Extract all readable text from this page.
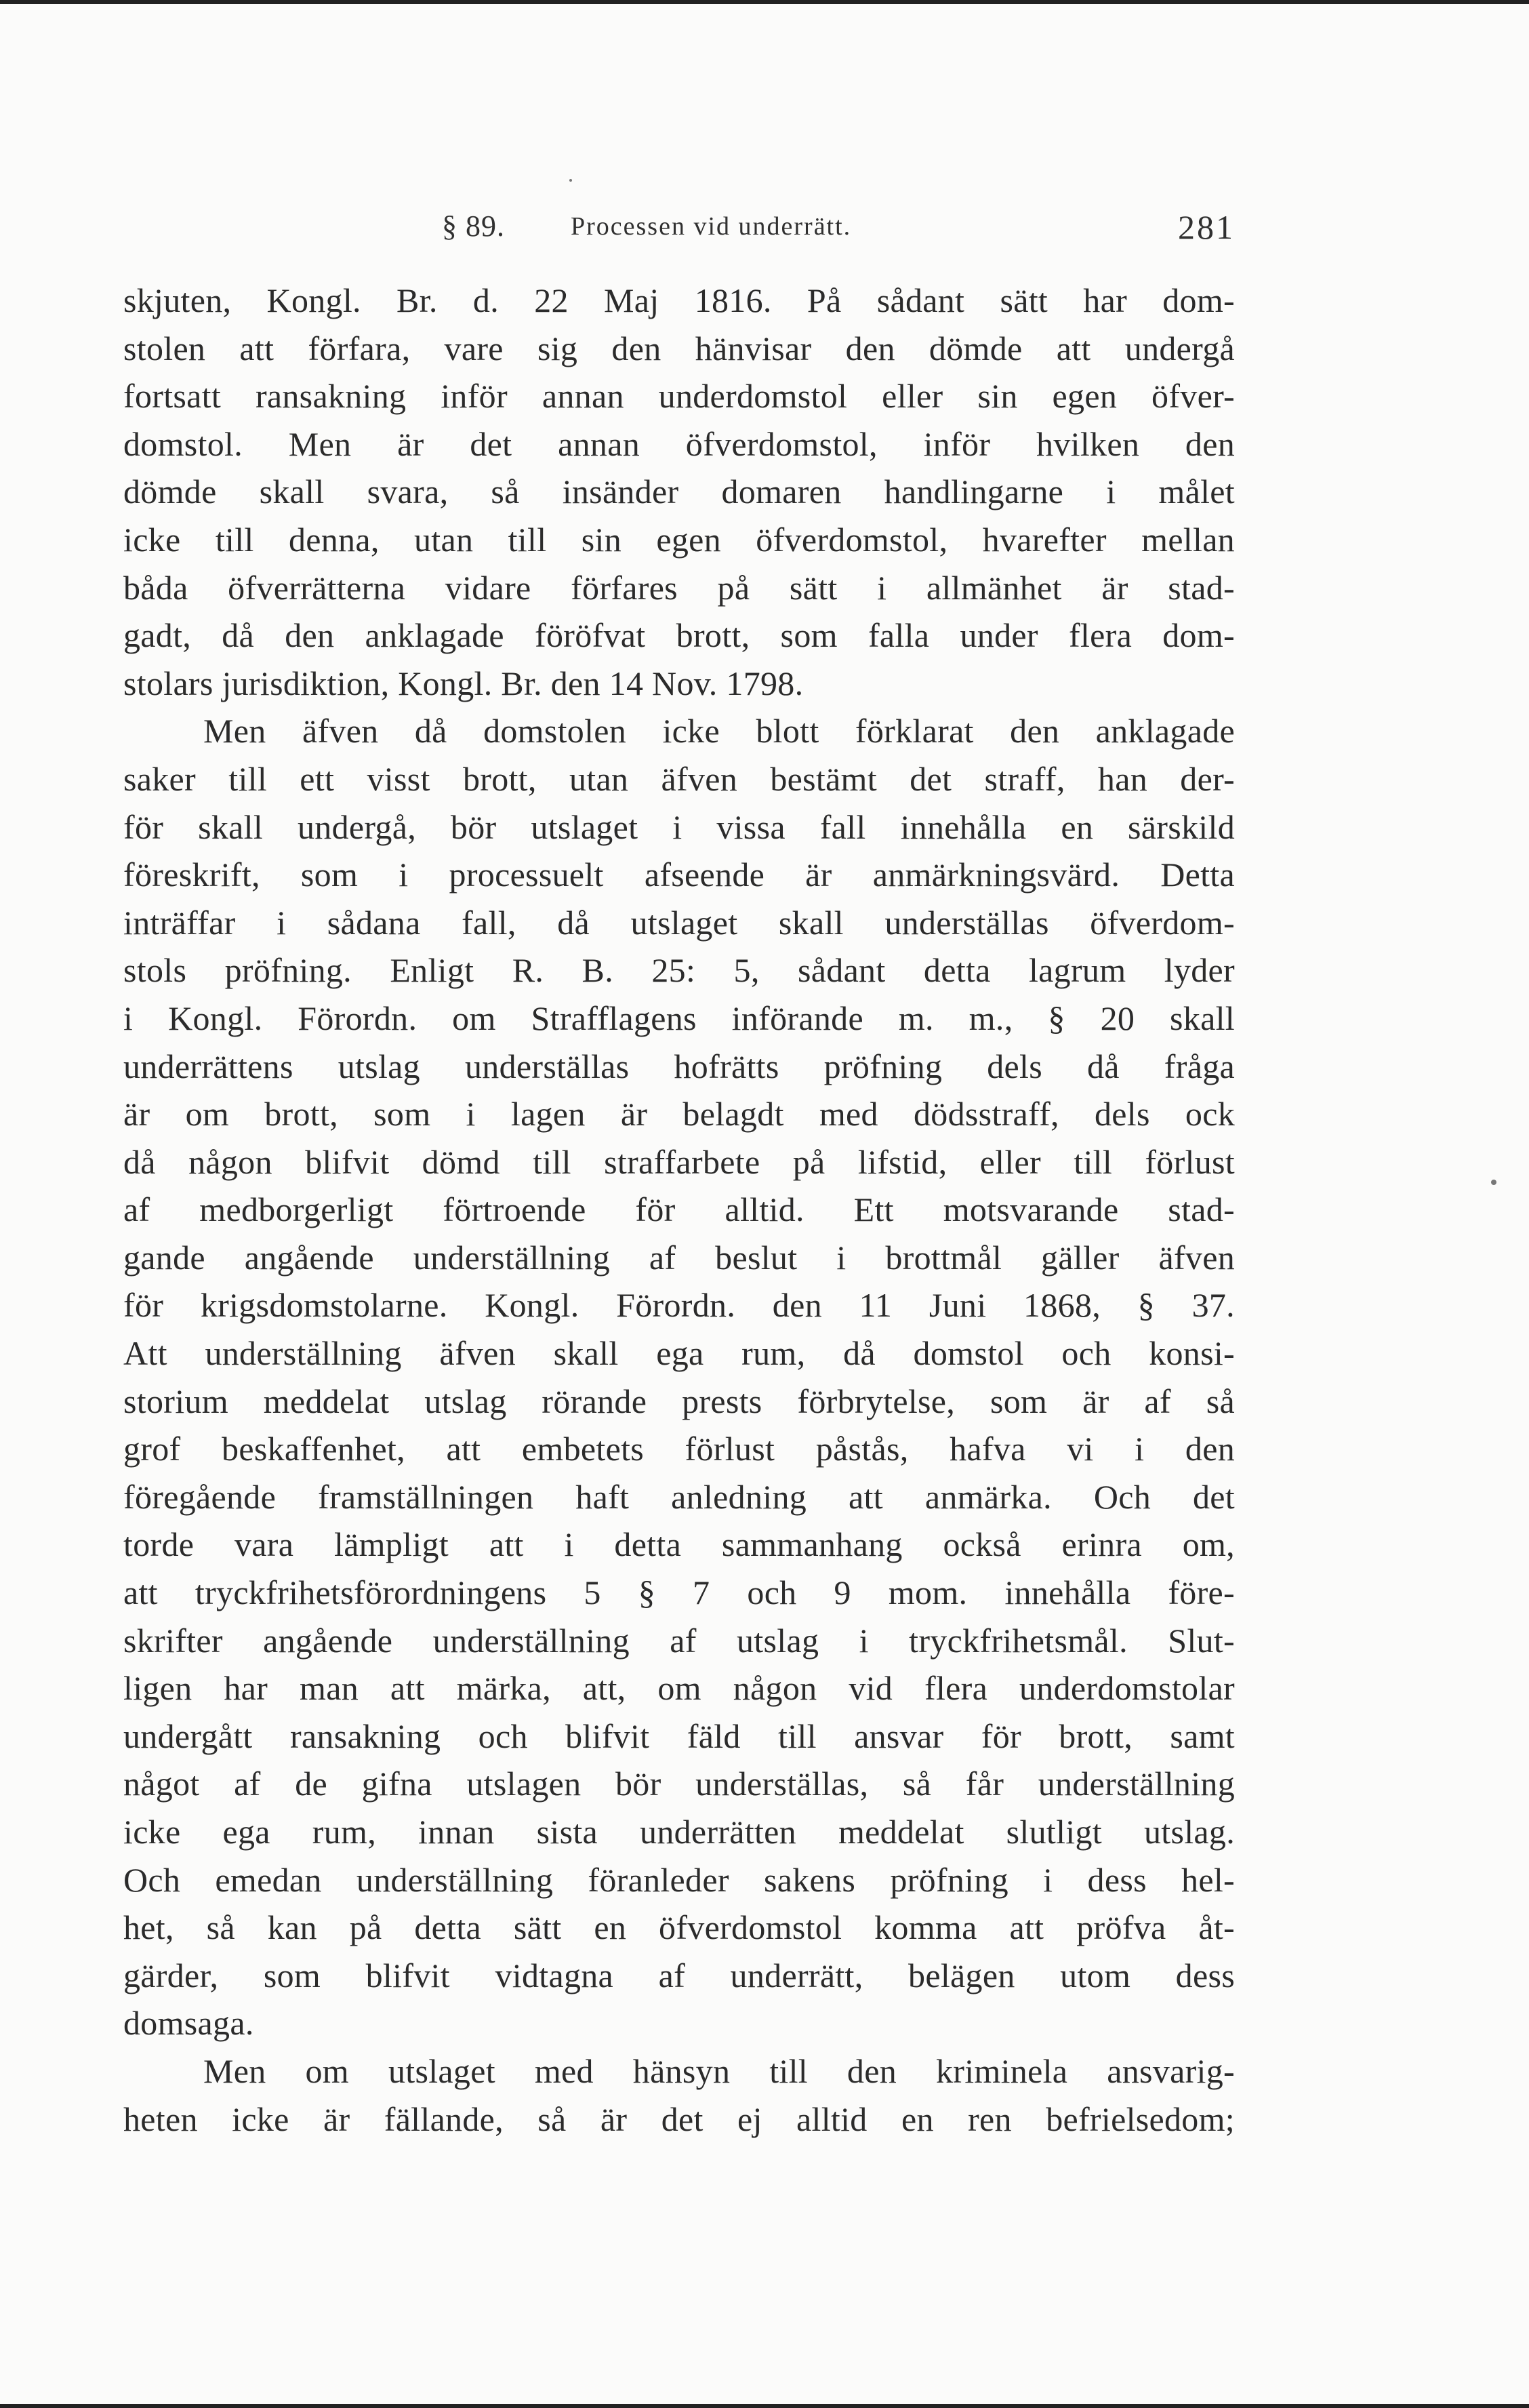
§ 89.	Processen vid underrätt.	281
skjuten, Kongl. Br. d. 22 Maj 1816. På sådant sätt har dom-
stolen att förfara, vare sig den hänvisar den dömde att undergå
fortsatt ransakning inför annan underdomstol eller sin egen öfver-
domstol. Men är det annan öfverdomstol, inför hvilken den
dömde skall svara, så insänder domaren handlingarne i målet
icke till denna, utan till sin egen öfverdomstol, hvarefter mellan
båda öfverrätterna vidare förfares på sätt i allmänhet är stad-
gadt, då den anklagade föröfvat brott, som falla under flera dom-
stolars jurisdiktion, Kongl. Br. den 14 Nov. 1798.
Men äfven då domstolen icke blott förklarat den anklagade
saker till ett visst brott, utan äfven bestämt det straff, han der-
för skall undergå, bör utslaget i vissa fall innehålla en särskild
föreskrift, som i processuelt afseende är anmärkningsvärd. Detta
inträffar i sådana fall, då utslaget skall underställas öfverdom-
stols pröfning. Enligt R. B. 25: 5, sådant detta lagrum lyder
i Kongl. Förordn. om Strafflagens införande m. m., § 20 skall
underrättens utslag underställas hofrätts pröfning dels då fråga
är om brott, som i lagen är belagdt med dödsstraff, dels ock
då någon blifvit dömd till straffarbete på lifstid, eller till förlust
af medborgerligt förtroende för alltid. Ett motsvarande stad-
gande angående underställning af beslut i brottmål gäller äfven
för krigsdomstolarne. Kongl. Förordn. den 11 Juni 1868, § 37.
Att underställning äfven skall ega rum, då domstol och konsi-
storium meddelat utslag rörande prests förbrytelse, som är af så
grof beskaffenhet, att embetets förlust påstås, hafva vi i den
föregående framställningen haft anledning att anmärka. Och det
torde vara lämpligt att i detta sammanhang också erinra om,
att tryckfrihetsförordningens 5 § 7 och 9 mom. innehålla före-
skrifter angående underställning af utslag i tryckfrihetsmål. Slut-
ligen har man att märka, att, om någon vid flera underdomstolar
undergått ransakning och blifvit fäld till ansvar för brott, samt
något af de gifna utslagen bör underställas, så får underställning
icke ega rum, innan sista underrätten meddelat slutligt utslag.
Och emedan underställning föranleder sakens pröfning i dess hel-
het, så kan på detta sätt en öfverdomstol komma att pröfva åt-
gärder, som blifvit vidtagna af underrätt, belägen utom dess
domsaga.
Men om utslaget med hänsyn till den kriminela ansvarig-
heten icke är fällande, så är det ej alltid en ren befrielsedom;
